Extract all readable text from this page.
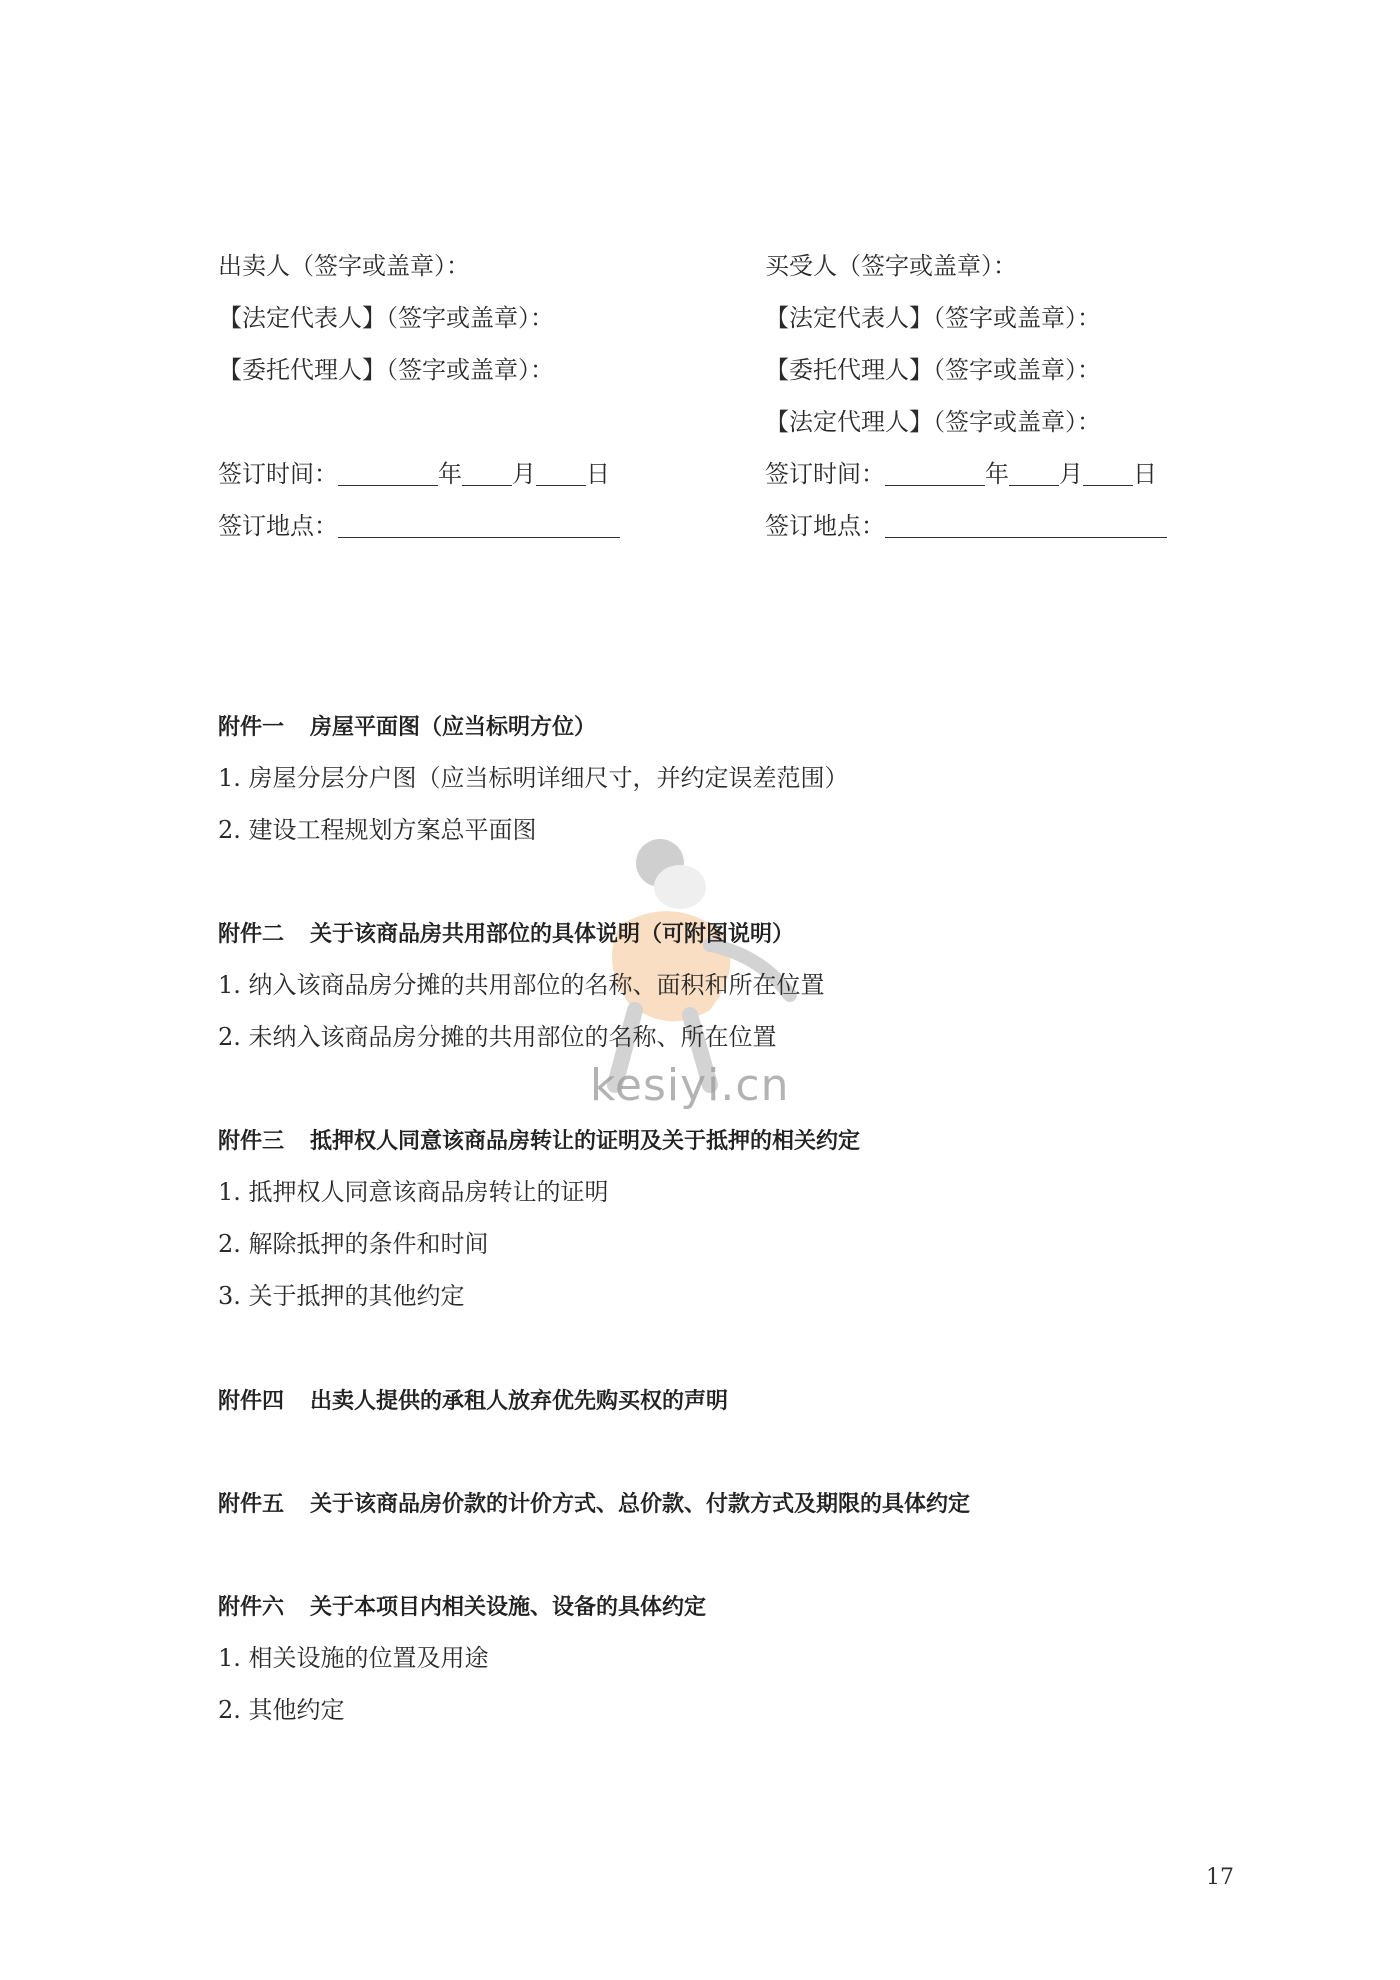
出卖人（签字或盖章）：
【法定代表人】（签字或盖章）：
【委托代理人】（签字或盖章）：
签订时间：	年 月 日
签订地点：
买受人（签字或盖章）：
【法定代表人】（签字或盖章）：
【委托代理人】（签字或盖章）：
【法定代理人】（签字或盖章）：
签订时间：	年 月 日
签订地点：
kesiyi.cn
附件一 房屋平面图（应当标明方位）
1. 房屋分层分户图（应当标明详细尺寸，并约定误差范围）
2. 建设工程规划方案总平面图
附件二 关于该商品房共用部位的具体说明（可附图说明）
1. 纳入该商品房分摊的共用部位的名称、面积和所在位置
2. 未纳入该商品房分摊的共用部位的名称、所在位置
附件三 抵押权人同意该商品房转让的证明及关于抵押的相关约定
1. 抵押权人同意该商品房转让的证明
2. 解除抵押的条件和时间
3. 关于抵押的其他约定
附件四 出卖人提供的承租人放弃优先购买权的声明
附件五 关于该商品房价款的计价方式、总价款、付款方式及期限的具体约定
附件六 关于本项目内相关设施、设备的具体约定
1. 相关设施的位置及用途
2. 其他约定
17
